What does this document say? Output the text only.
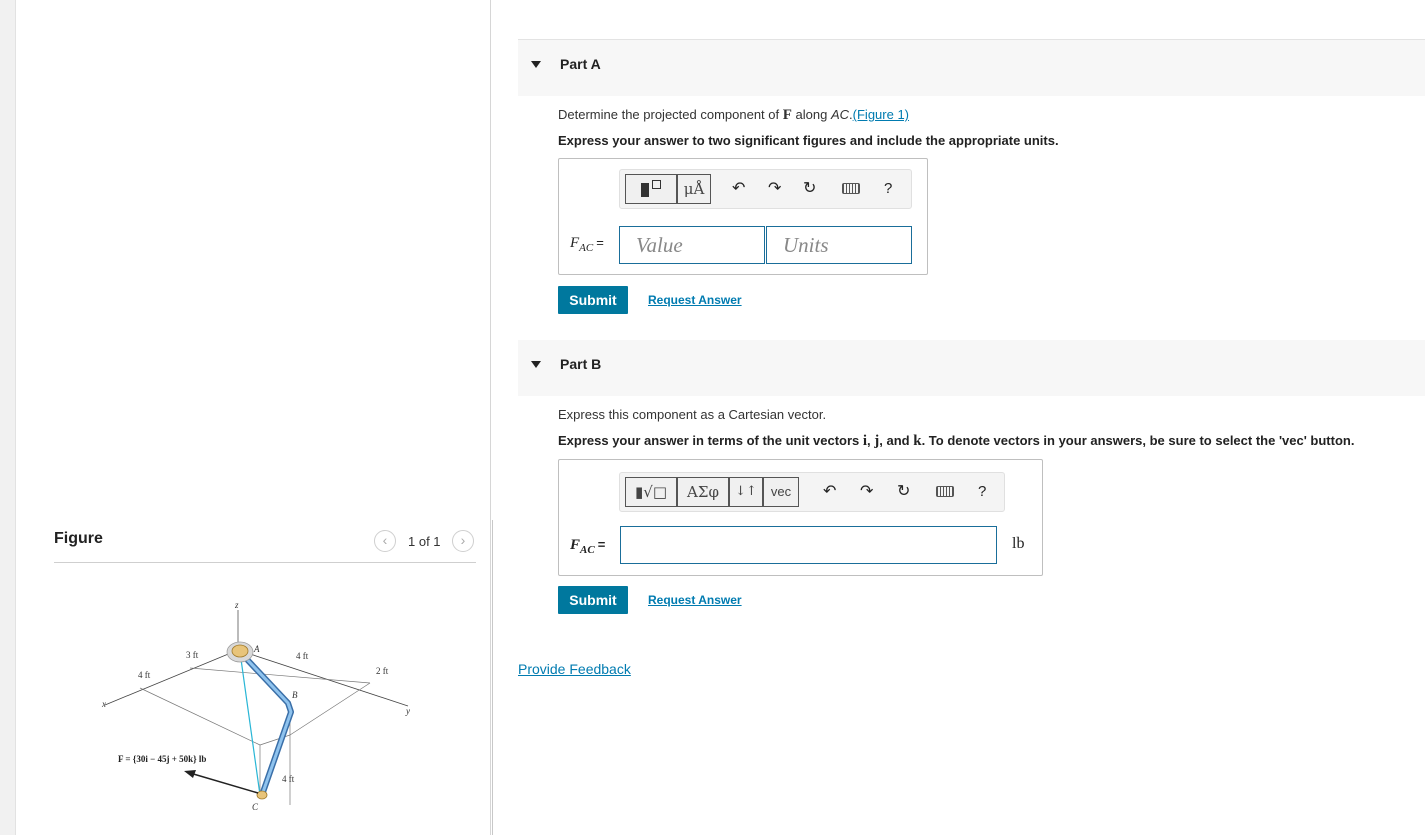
Figure	‹	1 of 1	›
z
x
y
A
B
C
3 ft
4 ft
4 ft
2 ft
4 ft
F = {30i − 45j + 50k} lb
Part A
Determine the projected component of F along AC.(Figure 1)
Express your answer to two significant figures and include the appropriate units.
μÅ	↶ ↷ ↻	?
$F_{AC}$ =	Value	Units
Submit	Request Answer
Part B
Express this component as a Cartesian vector.
Express your answer in terms of the unit vectors i, j, and k. To denote vectors in your answers, be sure to select the 'vec' button.
▮√□	ΑΣφ	↓↑	vec	↶ ↷ ↻	?
$F_{AC}$ =	lb
Submit	Request Answer
Provide Feedback
